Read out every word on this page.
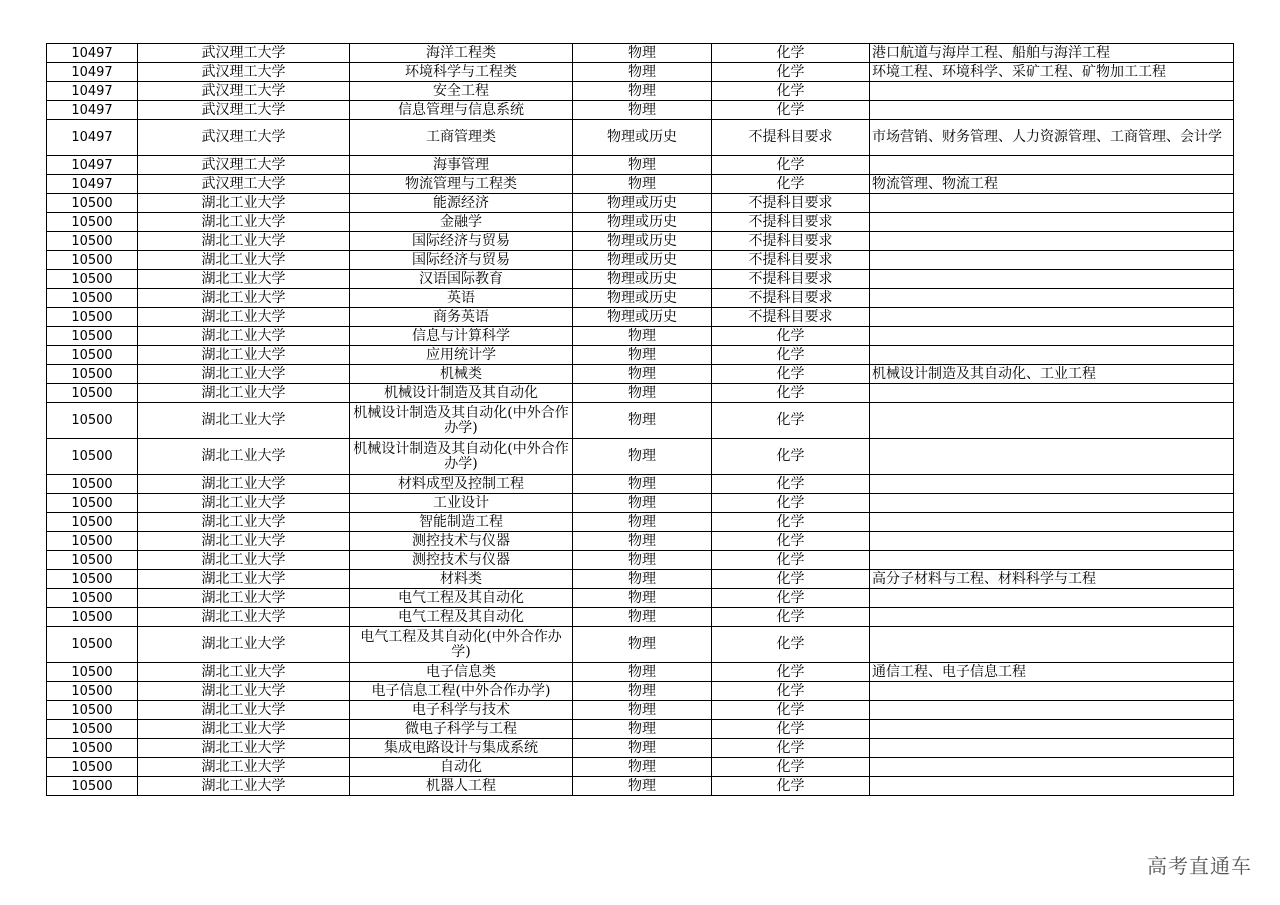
10497	武汉理工大学	海洋工程类	物理	化学	港口航道与海岸工程、船舶与海洋工程
10497	武汉理工大学	环境科学与工程类	物理	化学	环境工程、环境科学、采矿工程、矿物加工工程
10497	武汉理工大学	安全工程	物理	化学	
10497	武汉理工大学	信息管理与信息系统	物理	化学	
10497	武汉理工大学	工商管理类	物理或历史	不提科目要求	市场营销、财务管理、人力资源管理、工商管理、会计学
10497	武汉理工大学	海事管理	物理	化学	
10497	武汉理工大学	物流管理与工程类	物理	化学	物流管理、物流工程
10500	湖北工业大学	能源经济	物理或历史	不提科目要求	
10500	湖北工业大学	金融学	物理或历史	不提科目要求	
10500	湖北工业大学	国际经济与贸易	物理或历史	不提科目要求	
10500	湖北工业大学	国际经济与贸易	物理或历史	不提科目要求	
10500	湖北工业大学	汉语国际教育	物理或历史	不提科目要求	
10500	湖北工业大学	英语	物理或历史	不提科目要求	
10500	湖北工业大学	商务英语	物理或历史	不提科目要求	
10500	湖北工业大学	信息与计算科学	物理	化学	
10500	湖北工业大学	应用统计学	物理	化学	
10500	湖北工业大学	机械类	物理	化学	机械设计制造及其自动化、工业工程
10500	湖北工业大学	机械设计制造及其自动化	物理	化学	
10500	湖北工业大学	机械设计制造及其自动化(中外合作办学)	物理	化学	
10500	湖北工业大学	机械设计制造及其自动化(中外合作办学)	物理	化学	
10500	湖北工业大学	材料成型及控制工程	物理	化学	
10500	湖北工业大学	工业设计	物理	化学	
10500	湖北工业大学	智能制造工程	物理	化学	
10500	湖北工业大学	测控技术与仪器	物理	化学	
10500	湖北工业大学	测控技术与仪器	物理	化学	
10500	湖北工业大学	材料类	物理	化学	高分子材料与工程、材料科学与工程
10500	湖北工业大学	电气工程及其自动化	物理	化学	
10500	湖北工业大学	电气工程及其自动化	物理	化学	
10500	湖北工业大学	电气工程及其自动化(中外合作办学)	物理	化学	
10500	湖北工业大学	电子信息类	物理	化学	通信工程、电子信息工程
10500	湖北工业大学	电子信息工程(中外合作办学)	物理	化学	
10500	湖北工业大学	电子科学与技术	物理	化学	
10500	湖北工业大学	微电子科学与工程	物理	化学	
10500	湖北工业大学	集成电路设计与集成系统	物理	化学	
10500	湖北工业大学	自动化	物理	化学	
10500	湖北工业大学	机器人工程	物理	化学	
高考直通车
